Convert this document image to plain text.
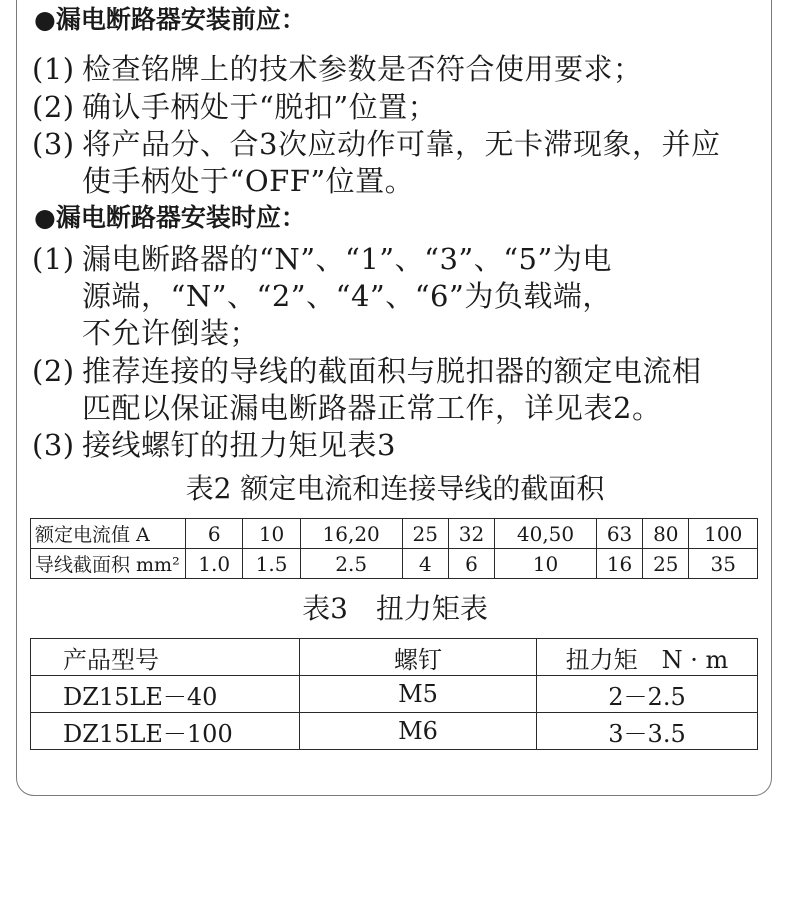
●漏电断路器安装前应：
(1) 检查铭牌上的技术参数是否符合使用要求；
(2) 确认手柄处于“脱扣”位置；
(3) 将产品分、合3次应动作可靠，无卡滞现象，并应
使手柄处于“OFF”位置。
●漏电断路器安装时应：
(1) 漏电断路器的“N”、“1”、“3”、“5”为电
源端，“N”、“2”、“4”、“6”为负载端，
不允许倒装；
(2) 推荐连接的导线的截面积与脱扣器的额定电流相
匹配以保证漏电断路器正常工作，详见表2。
(3) 接线螺钉的扭力矩见表3
表2 额定电流和连接导线的截面积
额定电流值 A	6	10	16,20	25	32	40,50	63	80	100
导线截面积 mm²	1.0	1.5	2.5	4	6	10	16	25	35
表3　扭力矩表
产品型号	螺钉	扭力矩　N · m
DZ15LE－40	M5	2－2.5
DZ15LE－100	M6	3－3.5
